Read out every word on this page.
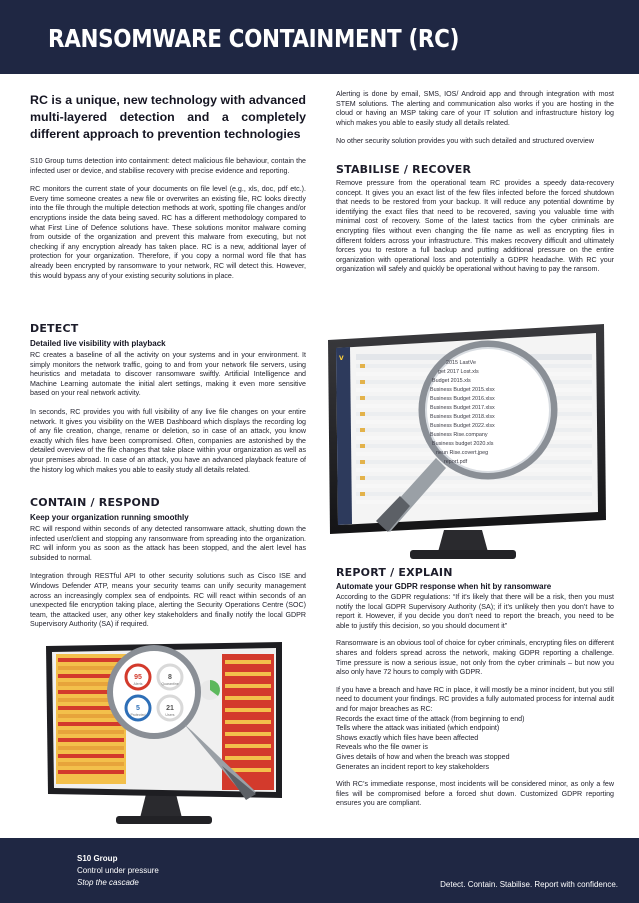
RANSOMWARE CONTAINMENT (RC)
RC is a unique, new technology with advanced multi-layered detection and a completely different approach to prevention technologies
S10 Group turns detection into containment: detect malicious file behaviour, contain the infected user or device, and stabilise recovery with precise evidence and reporting.
RC monitors the current state of your documents on file level (e.g., xls, doc, pdf etc.). Every time someone creates a new file or overwrites an existing file, RC looks directly into the file through the multiple detection methods at work, spotting file changes and/or encryptions inside the data being saved. RC has a different methodology compared to what First Line of Defence solutions have. These solutions monitor malware coming from outside of the organization and prevent this malware from executing, but not checking if any encryption already has taken place. RC is a new, additional layer of protection for your organization. Therefore, if you copy a normal word file that has already been encrypted by ransomware to your network, RC will detect this. However, this would bypass any of your existing security solutions in place.
DETECT
Detailed live visibility with playback
RC creates a baseline of all the activity on your systems and in your environment. It simply monitors the network traffic, going to and from your network file servers, using heuristics and metadata to discover ransomware swiftly. Artificial Intelligence and Machine Learning automate the initial alert settings, making it even more sensitive based on your real network activity.
In seconds, RC provides you with full visibility of any live file changes on your entire network. It gives you visibility on the WEB Dashboard which displays the recording log of any file creation, change, rename or deletion, so in case of an attack, you know exactly which files have been compromised. Often, companies are astonished by the detailed overview of the file changes that take place within your organization as well as your premises abroad. In case of an attack, you have an advanced playback feature of the history log which makes you able to easily study all details related.
CONTAIN / RESPOND
Keep your organization running smoothly
RC will respond within seconds of any detected ransomware attack, shutting down the infected user/client and stopping any ransomware from spreading into the organization. RC will inform you as soon as the attack has been stopped, and the alert level has subsided to normal.
Integration through RESTful API to other security solutions such as Cisco ISE and Windows Defender ATP, means your security teams can unify security management across an increasingly complex sea of endpoints. RC will react within seconds of an unexpected file encryption taking place, alerting the Security Operations Centre (SOC) team, the attacked user, any other key stakeholders and finally notify the local GDPR Supervisory Authority (SA) if required.
Alerting is done by email, SMS, IOS/ Android app and through integration with most STEM solutions. The alerting and communication also works if you are hosting in the cloud or having an MSP taking care of your IT solution and infrastructure history log which makes you able to easily study all details related.
No other security solution provides you with such detailed and structured overview
STABILISE / RECOVER
Remove pressure from the operational team RC provides a speedy data-recovery concept. It gives you an exact list of the few files infected before the forced shutdown that needs to be restored from your backup. It will reduce any potential downtime by identifying the exact files that need to be recovered, saving you valuable time with minimal cost of recovery. Some of the latest tactics from the cyber criminals are encrypting files without even changing the file name as well as encrypting files in different folders across your infrastructure. This makes recovery difficult and ultimately forces you to restore a full backup and putting additional pressure on the entire organization with operational loss and potentially a GDPR headache. With RC your organization will safely and quickly be operational without having to pay the ransom.
REPORT / EXPLAIN
Automate your GDPR response when hit by ransomware
According to the GDPR regulations: “If it’s likely that there will be a risk, then you must notify the local GDPR Supervisory Authority (SA); if it’s unlikely then you don’t have to report it. However, if you decide you don’t need to report the breach, you need to be able to justify this decision, so you should document it”
Ransomware is an obvious tool of choice for cyber criminals, encrypting files on different shares and folders spread across the network, making GDPR reporting a challenge. Time pressure is now a serious issue, not only from the cyber criminals – but now you also only have 72 hours to comply with GDPR.
If you have a breach and have RC in place, it will mostly be a minor incident, but you still need to document your findings. RC provides a fully automated process for internal audit and for major breaches as RC:
Records the exact time of the attack (from beginning to end)
Tells where the attack was initiated (which endpoint)
Shows exactly which files have been affected
Reveals who the file owner is
Gives details of how and when the breach was stopped
Generates an incident report to key stakeholders
With RC’s immediate response, most incidents will be considered minor, as only a few files will be compromised before a forced shut down. Customized GDPR reporting ensures you are compliant.
V
2015 LastVe
get 2017 Lost.xls
Budget 2015.xls
Business Budget 2015.xlsx
Business Budget 2016.xlsx
Business Budget 2017.xlsx
Business Budget 2018.xlsx
Business Budget 2022.xlsx
Business Rise.company
Business budget 2020.xls
neun Rise.covert.jpeg
report.pdf
95	8
5	21
Alerts	Quarantine
Protected	Users
S10 Group
Control under pressure
Stop the cascade	Detect. Contain. Stabilise. Report with confidence.
